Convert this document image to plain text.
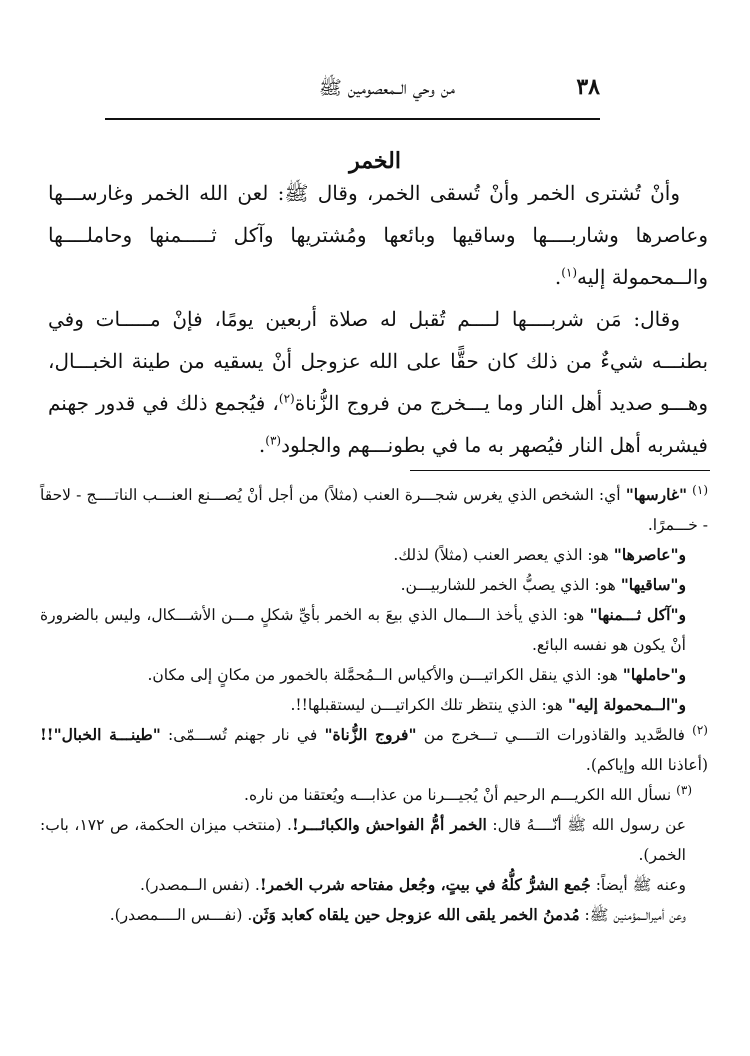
٣٨
من وحي الــمعصومين ﷺ
الخمر

وأنْ تُشترى الخمر وأنْ تُسقى الخمر، وقال ﷺ: لعن الله الخمر وغارســـها وعاصرها وشاربــــها وساقيها وبائعها ومُشتريها وآكل ثـــــمنها وحاملــــها والــمحمولة إليه$^{(١)}$.

وقال: مَن شربــــها لــــم تُقبل له صلاة أربعين يومًا، فإنْ مـــــات وفي بطنـــه شيءٌ من ذلك كان حقًّا على الله عزوجل أنْ يسقيه من طينة الخبـــال، وهـــو صديد أهل النار وما يـــخرج من فروج الزُّناة$^{(٢)}$، فيُجمع ذلك في قدور جهنم فيشربه أهل النار فيُصهر به ما في بطونـــهم والجلود$^{(٣)}$.

$^{(١)}$ "غارسها" أي: الشخص الذي يغرس شجـــرة العنب (مثلاً) من أجل أنْ يُصـــنع العنـــب الناتــــج - لاحقاً - خـــمرًا.

و"عاصرها" هو: الذي يعصر العنب (مثلاً) لذلك.

و"ساقيها" هو: الذي يصبُّ الخمر للشاربيـــن.

و"آكل ثـــمنها" هو: الذي يأخذ الـــمال الذي بيعَ به الخمر بأيِّ شكلٍ مـــن الأشـــكال، وليس بالضرورة أنْ يكون هو نفسه البائع.

و"حاملها" هو: الذي ينقل الكراتيـــن والأكياس الــمُحمَّلة بالخمور من مكانٍ إلى مكان.

و"الــمحمولة إليه" هو: الذي ينتظر تلك الكراتيـــن ليستقبلها!!.

$^{(٢)}$ فالصَّديد والقاذورات التــــي تـــخرج من "فروج الزُّناة" في نار جهنم تُســـمّى: "طينـــة الخبال"!! (أعاذنا الله وإياكم).

$^{(٣)}$ نسأل الله الكريـــم الرحيم أنْ يُجيـــرنا من عذابـــه ويُعتقنا من ناره.

عن رسول الله ﷺ أنّــــهُ قال: الخمر أمُّ الفواحش والكبائـــر!. (منتخب ميزان الحكمة، ص ١٧٢، باب: الخمر).

وعنه ﷺ أيضاً: جُمع الشرُّ كلُّهُ في بيتٍ، وجُعل مفتاحه شرب الخمر!. (نفس الــمصدر).

وعن أميرالــمؤمنين ﷺ: مُدمنُ الخمر يلقى الله عزوجل حين يلقاه كعابد وَثَن. (نفـــس الــــمصدر).
